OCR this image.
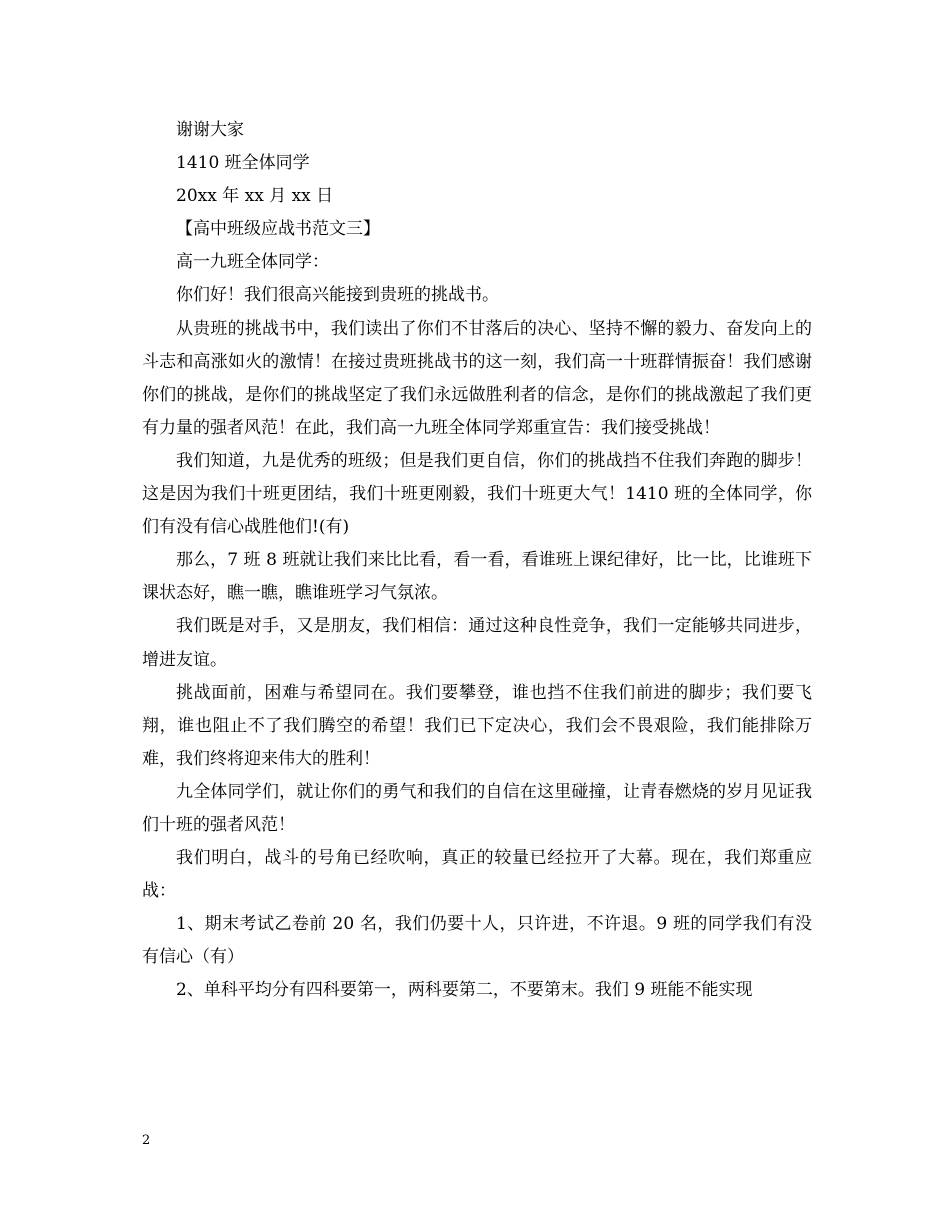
谢谢大家
1410 班全体同学
20xx 年 xx 月 xx 日
【高中班级应战书范文三】
高一九班全体同学：

你们好！我们很高兴能接到贵班的挑战书。

从贵班的挑战书中，我们读出了你们不甘落后的决心、坚持不懈的毅力、奋发向上的斗志和高涨如火的激情！在接过贵班挑战书的这一刻，我们高一十班群情振奋！我们感谢你们的挑战，是你们的挑战坚定了我们永远做胜利者的信念，是你们的挑战激起了我们更有力量的强者风范！在此，我们高一九班全体同学郑重宣告：我们接受挑战！

我们知道，九是优秀的班级；但是我们更自信，你们的挑战挡不住我们奔跑的脚步！这是因为我们十班更团结，我们十班更刚毅，我们十班更大气！1410 班的全体同学，你们有没有信心战胜他们!(有)

那么，7 班 8 班就让我们来比比看，看一看，看谁班上课纪律好，比一比，比谁班下课状态好，瞧一瞧，瞧谁班学习气氛浓。

我们既是对手，又是朋友，我们相信：通过这种良性竞争，我们一定能够共同进步，增进友谊。

挑战面前，困难与希望同在。我们要攀登，谁也挡不住我们前进的脚步；我们要飞翔，谁也阻止不了我们腾空的希望！我们已下定决心，我们会不畏艰险，我们能排除万难，我们终将迎来伟大的胜利！

九全体同学们，就让你们的勇气和我们的自信在这里碰撞，让青春燃烧的岁月见证我们十班的强者风范！

我们明白，战斗的号角已经吹响，真正的较量已经拉开了大幕。现在，我们郑重应战：

1、期末考试乙卷前 20 名，我们仍要十人，只许进，不许退。9 班的同学我们有没有信心（有）

2、单科平均分有四科要第一，两科要第二，不要第末。我们 9 班能不能实现

2
